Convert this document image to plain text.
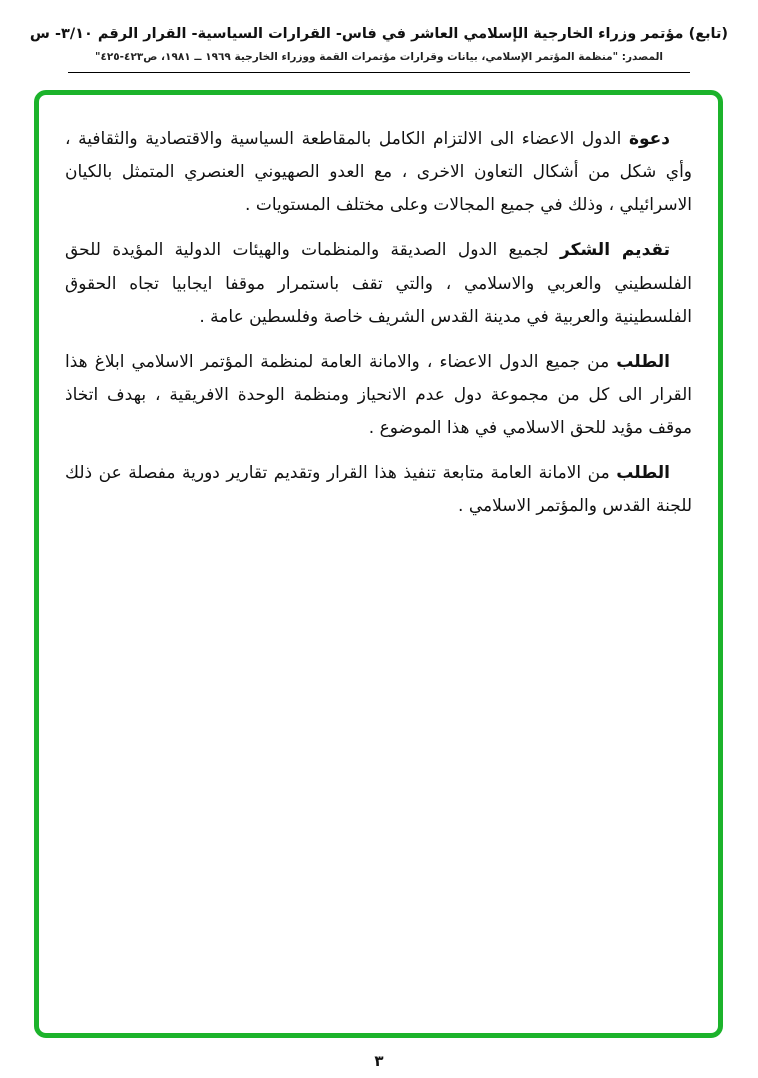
(تابع) مؤتمر وزراء الخارجية الإسلامي العاشر في فاس- القرارات السياسية- القرار الرقم ٣/١٠- س
المصدر: "منظمة المؤتمر الإسلامي، بيانات وقرارات مؤتمرات القمة ووزراء الخارجية ١٩٦٩ ــ ١٩٨١، ص٤٢٣-٤٢٥"

دعوة الدول الاعضاء الى الالتزام الكامل بالمقاطعة السياسية والاقتصادية والثقافية ، وأي شكل من أشكال التعاون الاخرى ، مع العدو الصهيوني العنصري المتمثل بالكيان الاسرائيلي ، وذلك في جميع المجالات وعلى مختلف المستويات .

تقديم الشكر لجميع الدول الصديقة والمنظمات والهيئات الدولية المؤيدة للحق الفلسطيني والعربي والاسلامي ، والتي تقف باستمرار موقفا ايجابيا تجاه الحقوق الفلسطينية والعربية في مدينة القدس الشريف خاصة وفلسطين عامة .

الطلب من جميع الدول الاعضاء ، والامانة العامة لمنظمة المؤتمر الاسلامي ابلاغ هذا القرار الى كل من مجموعة دول عدم الانحياز ومنظمة الوحدة الافريقية ، بهدف اتخاذ موقف مؤيد للحق الاسلامي في هذا الموضوع .

الطلب من الامانة العامة متابعة تنفيذ هذا القرار وتقديم تقارير دورية مفصلة عن ذلك للجنة القدس والمؤتمر الاسلامي .

٣
